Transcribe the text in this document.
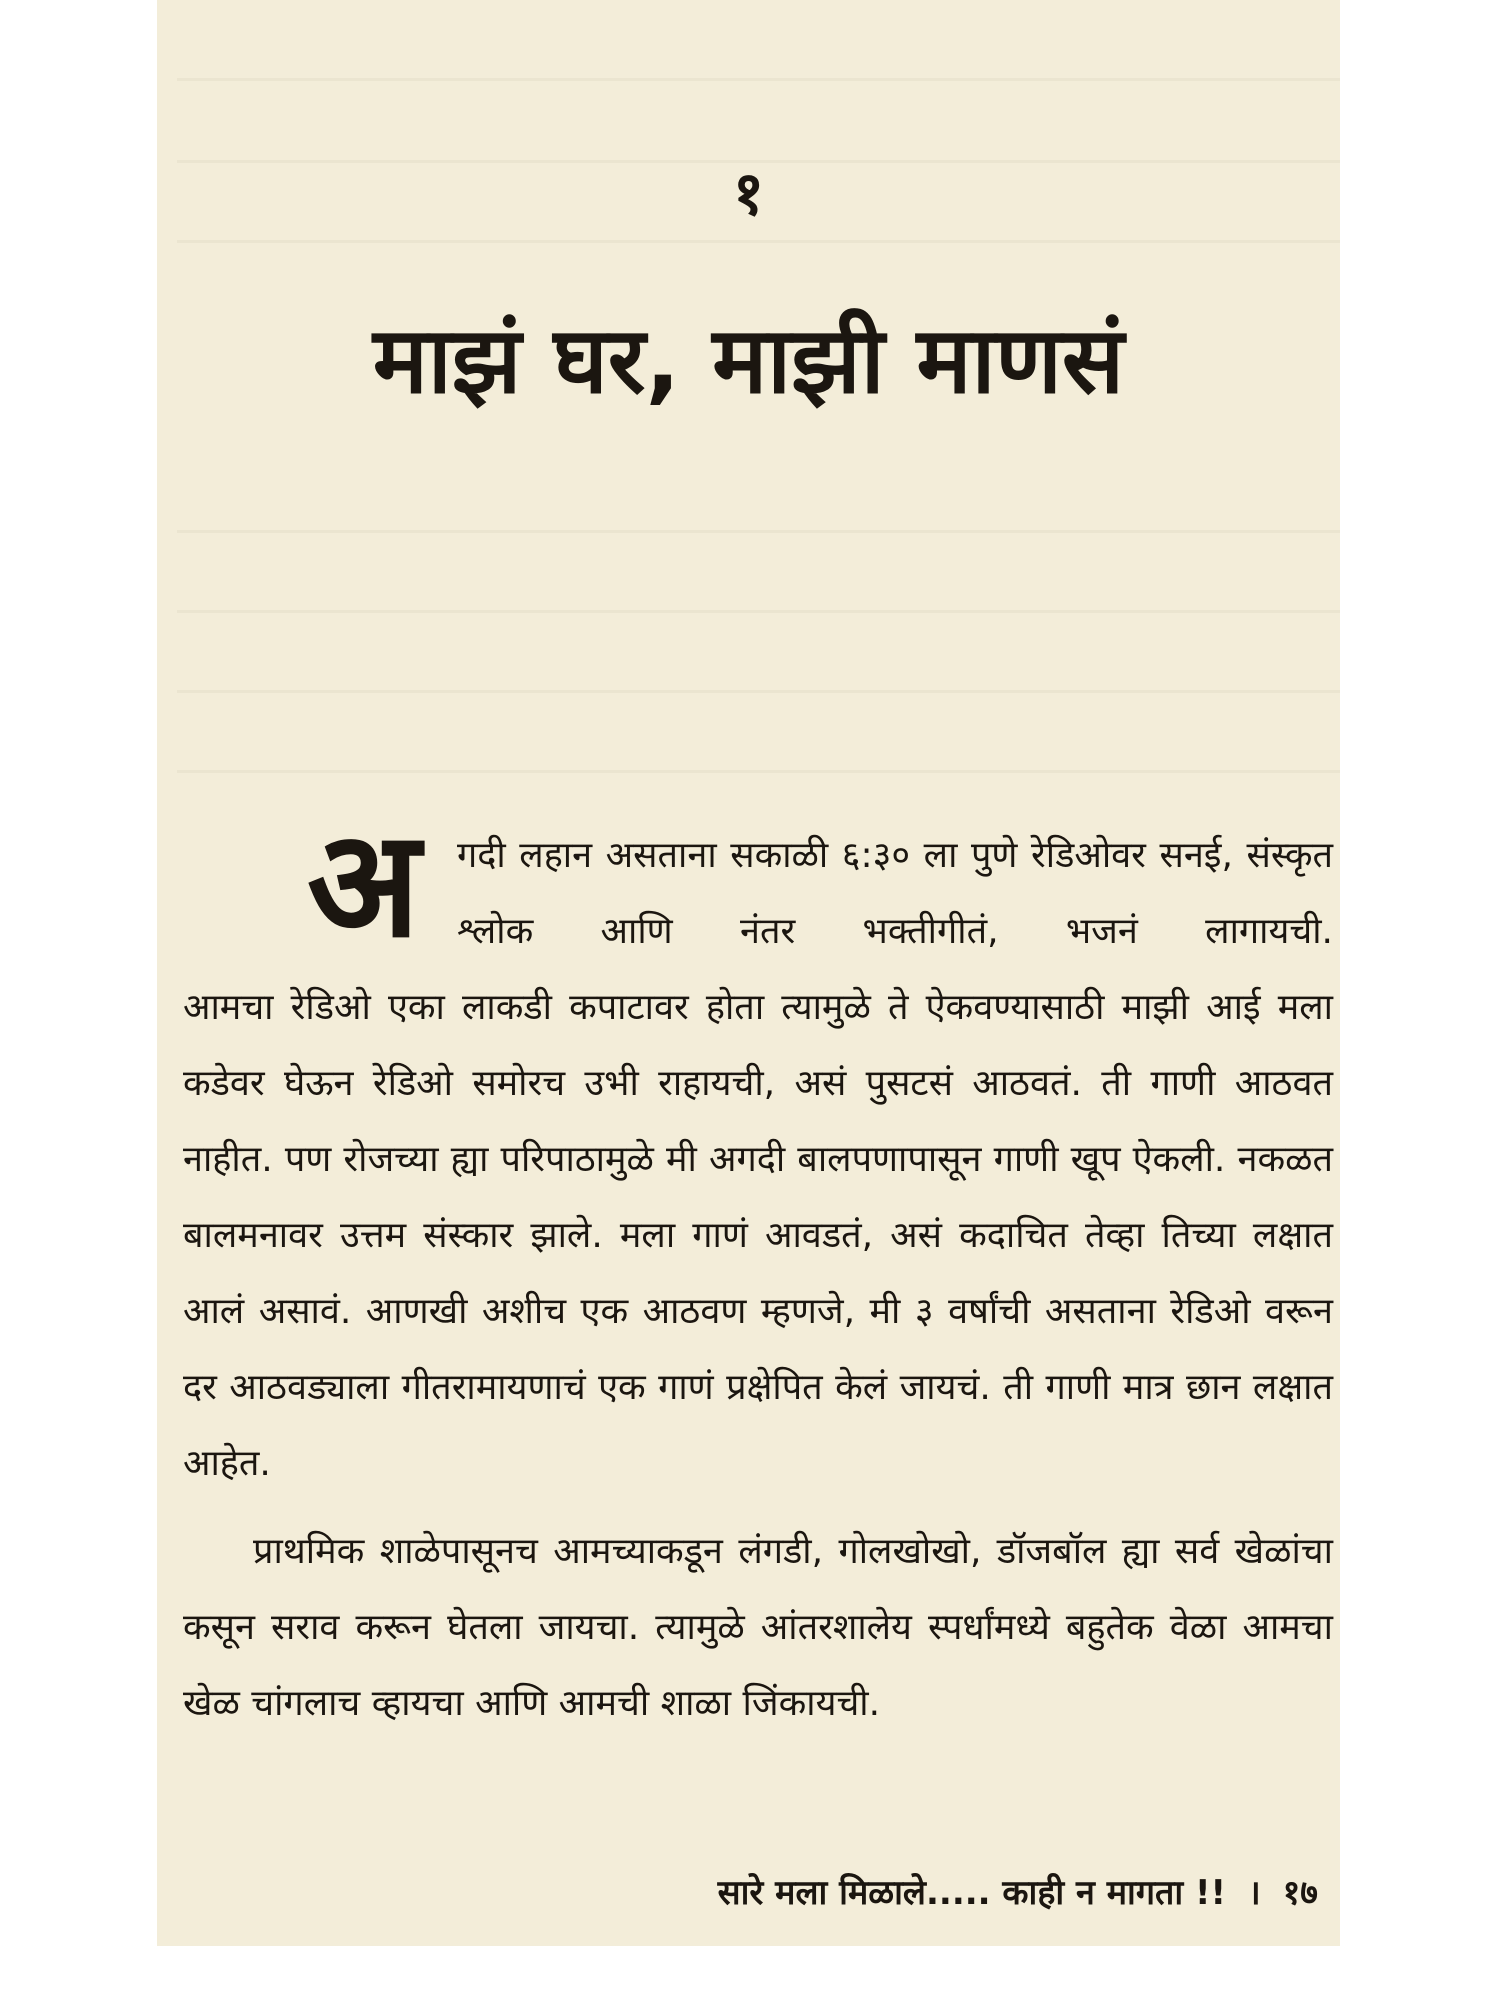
१
माझं घर, माझी माणसं
अ गदी लहान असताना सकाळी ६:३० ला पुणे रेडिओवर सनई, संस्कृत श्लोक आणि नंतर भक्तीगीतं, भजनं लागायची.
आमचा रेडिओ एका लाकडी कपाटावर होता त्यामुळे ते ऐकवण्यासाठी माझी आई मला कडेवर घेऊन रेडिओ समोरच उभी राहायची, असं पुसटसं आठवतं. ती गाणी आठवत नाहीत. पण रोजच्या ह्या परिपाठामुळे मी अगदी बालपणापासून गाणी खूप ऐकली. नकळत बालमनावर उत्तम संस्कार झाले. मला गाणं आवडतं, असं कदाचित तेव्हा तिच्या लक्षात आलं असावं. आणखी अशीच एक आठवण म्हणजे, मी ३ वर्षांची असताना रेडिओ वरून दर आठवड्याला गीतरामायणाचं एक गाणं प्रक्षेपित केलं जायचं. ती गाणी मात्र छान लक्षात आहेत.
प्राथमिक शाळेपासूनच आमच्याकडून लंगडी, गोलखोखो, डॉजबॉल ह्या सर्व खेळांचा कसून सराव करून घेतला जायचा. त्यामुळे आंतरशालेय स्पर्धांमध्ये बहुतेक वेळा आमचा खेळ चांगलाच व्हायचा आणि आमची शाळा जिंकायची.
सारे मला मिळाले..... काही न मागता !! । १७
